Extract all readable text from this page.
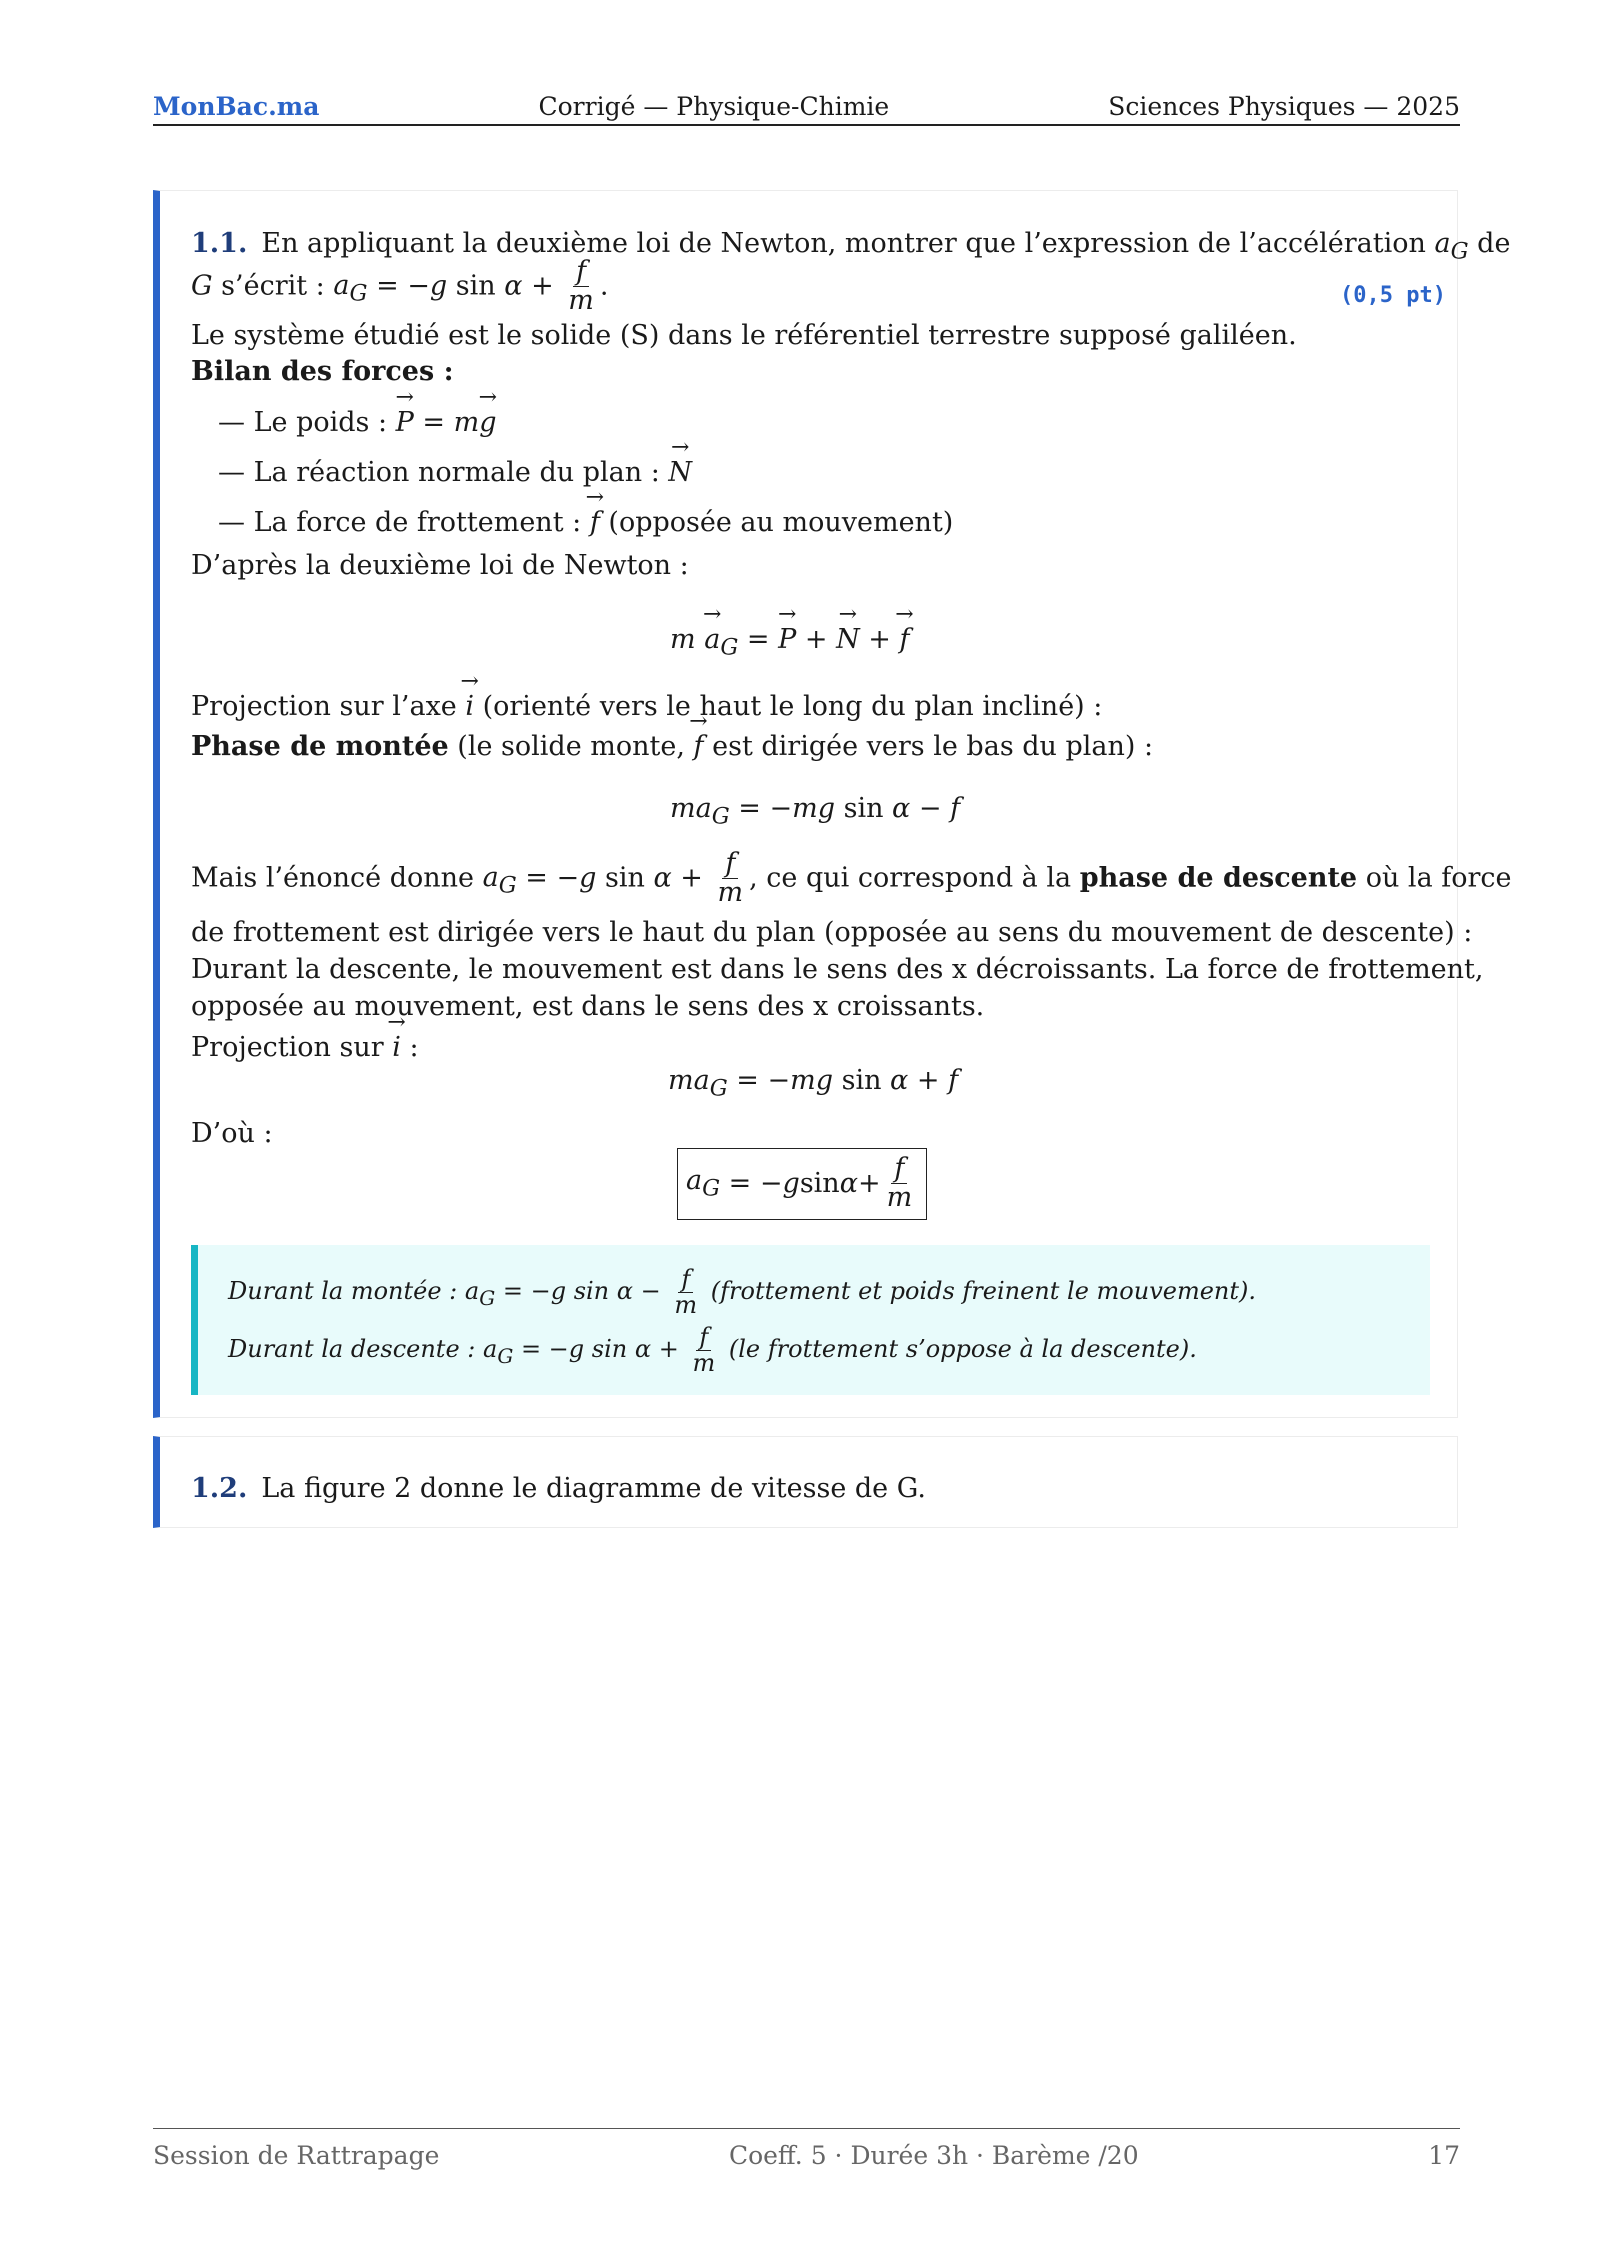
MonBac.ma	Corrigé — Physique-Chimie	Sciences Physiques — 2025
1.1. En appliquant la deuxième loi de Newton, montrer que l’expression de l’accélération $a_G$ de
G s’écrit : $a_G = -g$ $\sin \alpha + \frac{f}{m}$ .	(0,5 pt)
Le système étudié est le solide (S) dans le référentiel terrestre supposé galiléen.
Bilan des forces :
— Le poids : → P = m→ g
— La réaction normale du plan : → N
— La force de frottement : → f (opposée au mouvement)
D’après la deuxième loi de Newton :
$m \to a_G$ = → P + → N + → f
Projection sur l’axe → i (orienté vers le haut le long du plan incliné) :
Phase de montée (le solide monte, → f est dirigée vers le bas du plan) :
$ma_G = -mg$ sin α − f
Mais l’énoncé donne $a_G = -g$ $\sin \alpha + \frac{f}{m}$ , ce qui correspond à la phase de descente où la force
de frottement est dirigée vers le haut du plan (opposée au sens du mouvement de descente) :
Durant la descente, le mouvement est dans le sens des x décroissants. La force de frottement,
opposée au mouvement, est dans le sens des x croissants.
Projection sur → i :
$ma_G = -mg$ sin α + f
D’où :
$a_G$ = − g $\sin \alpha + \frac{f}{m}$
Durant la montée : $a_G = -g$ $\sin \alpha - \frac{f}{m}$ (frottement et poids freinent le mouvement).
Durant la descente : $a_G = -g$ $\sin \alpha + \frac{f}{m} (le$ frottement s’oppose à la descente).
1.2. La figure 2 donne le diagramme de vitesse de G.
Session de Rattrapage	Coeff. 5 · Durée 3h · Barème /20	17
